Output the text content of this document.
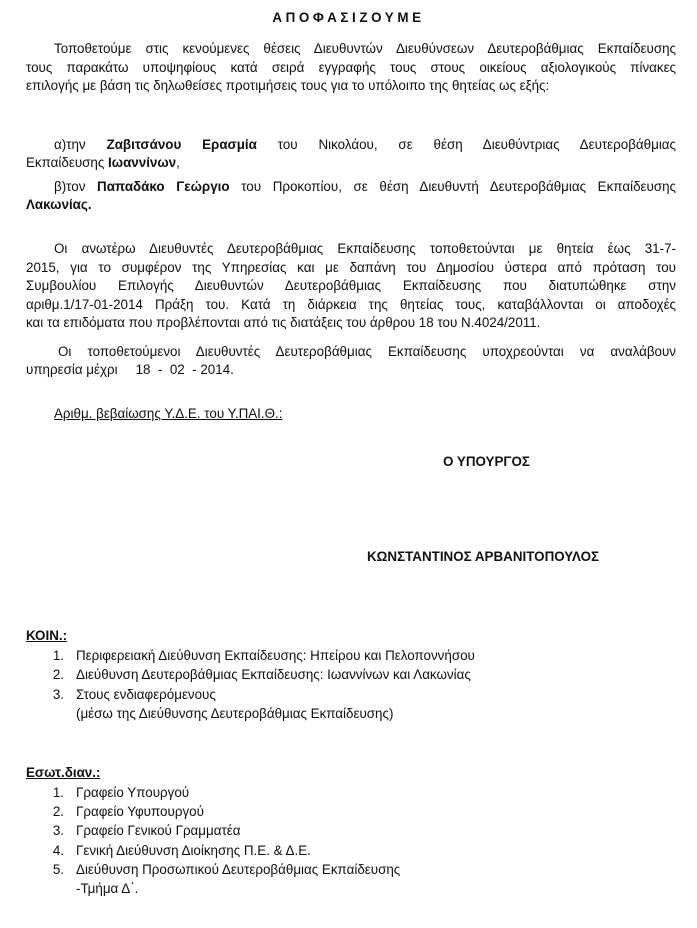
ΑΠΟΦΑΣΙΖΟΥΜΕ
Τοποθετούμε στις κενούμενες θέσεις Διευθυντών Διευθύνσεων Δευτεροβάθμιας Εκπαίδευσης
τους παρακάτω υποψηφίους κατά σειρά εγγραφής τους στους οικείους αξιολογικούς πίνακες
επιλογής με βάση τις δηλωθείσες προτιμήσεις τους για το υπόλοιπο της θητείας ως εξής:
α)την Ζαβιτσάνου Ερασμία του Νικολάου, σε θέση Διευθύντριας Δευτεροβάθμιας
Εκπαίδευσης Ιωαννίνων,
β)τον Παπαδάκο Γεώργιο του Προκοπίου, σε θέση Διευθυντή Δευτεροβάθμιας Εκπαίδευσης
Λακωνίας.
Οι ανωτέρω Διευθυντές Δευτεροβάθμιας Εκπαίδευσης τοποθετούνται με θητεία έως 31-7-
2015, για το συμφέρον της Υπηρεσίας και με δαπάνη του Δημοσίου ύστερα από πρόταση του
Συμβουλίου Επιλογής Διευθυντών Δευτεροβάθμιας Εκπαίδευσης που διατυπώθηκε στην
αριθμ.1/17-01-2014 Πράξη του. Κατά τη διάρκεια της θητείας τους, καταβάλλονται οι αποδοχές
και τα επιδόματα που προβλέπονται από τις διατάξεις του άρθρου 18 του Ν.4024/2011.
Οι τοποθετούμενοι Διευθυντές Δευτεροβάθμιας Εκπαίδευσης υποχρεούνται να αναλάβουν
υπηρεσία μέχρι 18  -  02  - 2014.
Αριθμ. βεβαίωσης Υ.Δ.Ε. του Υ.ΠΑΙ.Θ.:
Ο ΥΠΟΥΡΓΟΣ
ΚΩΝΣΤΑΝΤΙΝΟΣ ΑΡΒΑΝΙΤΟΠΟΥΛΟΣ
ΚΟΙΝ.:
1. Περιφερειακή Διεύθυνση Εκπαίδευσης: Ηπείρου και Πελοποννήσου
2. Διεύθυνση Δευτεροβάθμιας Εκπαίδευσης: Ιωαννίνων και Λακωνίας
3. Στους ενδιαφερόμενους
(μέσω της Διεύθυνσης Δευτεροβάθμιας Εκπαίδευσης)
Εσωτ.διαν.:
1. Γραφείο Υπουργού
2. Γραφείο Υφυπουργού
3. Γραφείο Γενικού Γραμματέα
4. Γενική Διεύθυνση Διοίκησης Π.Ε. & Δ.Ε.
5. Διεύθυνση Προσωπικού Δευτεροβάθμιας Εκπαίδευσης
-Τμήμα Δ΄.
